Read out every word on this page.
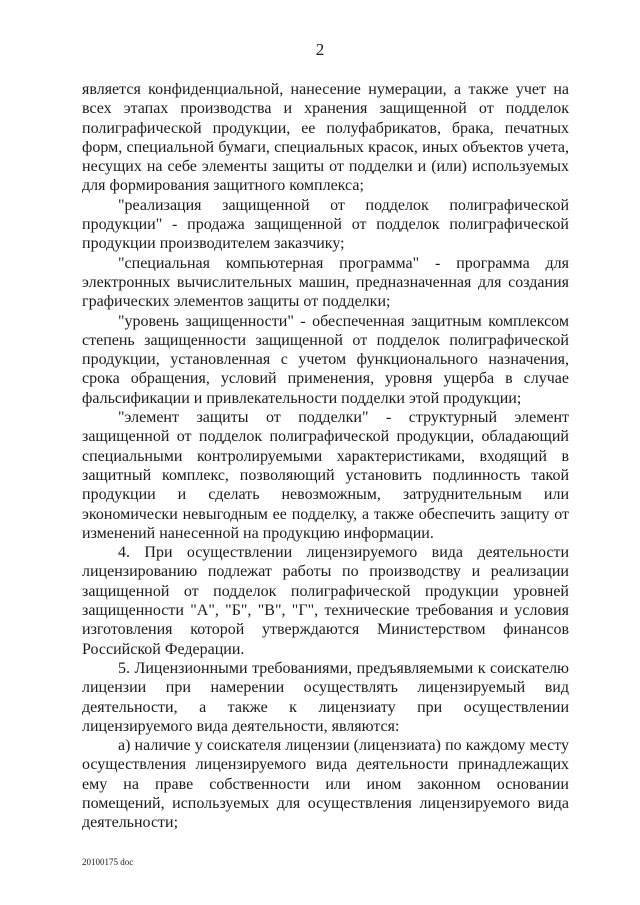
2

является конфиденциальной, нанесение нумерации, а также учет на всех этапах производства и хранения защищенной от подделок полиграфической продукции, ее полуфабрикатов, брака, печатных форм, специальной бумаги, специальных красок, иных объектов учета, несущих на себе элементы защиты от подделки и (или) используемых для формирования защитного комплекса;

"реализация защищенной от подделок полиграфической продукции" - продажа защищенной от подделок полиграфической продукции производителем заказчику;

"специальная компьютерная программа" - программа для электронных вычислительных машин, предназначенная для создания графических элементов защиты от подделки;

"уровень защищенности" - обеспеченная защитным комплексом степень защищенности защищенной от подделок полиграфической продукции, установленная с учетом функционального назначения, срока обращения, условий применения, уровня ущерба в случае фальсификации и привлекательности подделки этой продукции;

"элемент защиты от подделки" - структурный элемент защищенной от подделок полиграфической продукции, обладающий специальными контролируемыми характеристиками, входящий в защитный комплекс, позволяющий установить подлинность такой продукции и сделать невозможным, затруднительным или экономически невыгодным ее подделку, а также обеспечить защиту от изменений нанесенной на продукцию информации.

4. При осуществлении лицензируемого вида деятельности лицензированию подлежат работы по производству и реализации защищенной от подделок полиграфической продукции уровней защищенности "А", "Б", "В", "Г", технические требования и условия изготовления которой утверждаются Министерством финансов Российской Федерации.

5. Лицензионными требованиями, предъявляемыми к соискателю лицензии при намерении осуществлять лицензируемый вид деятельности, а также к лицензиату при осуществлении лицензируемого вида деятельности, являются:

а) наличие у соискателя лицензии (лицензиата) по каждому месту осуществления лицензируемого вида деятельности принадлежащих ему на праве собственности или ином законном основании помещений, используемых для осуществления лицензируемого вида деятельности;

20100175 doc
